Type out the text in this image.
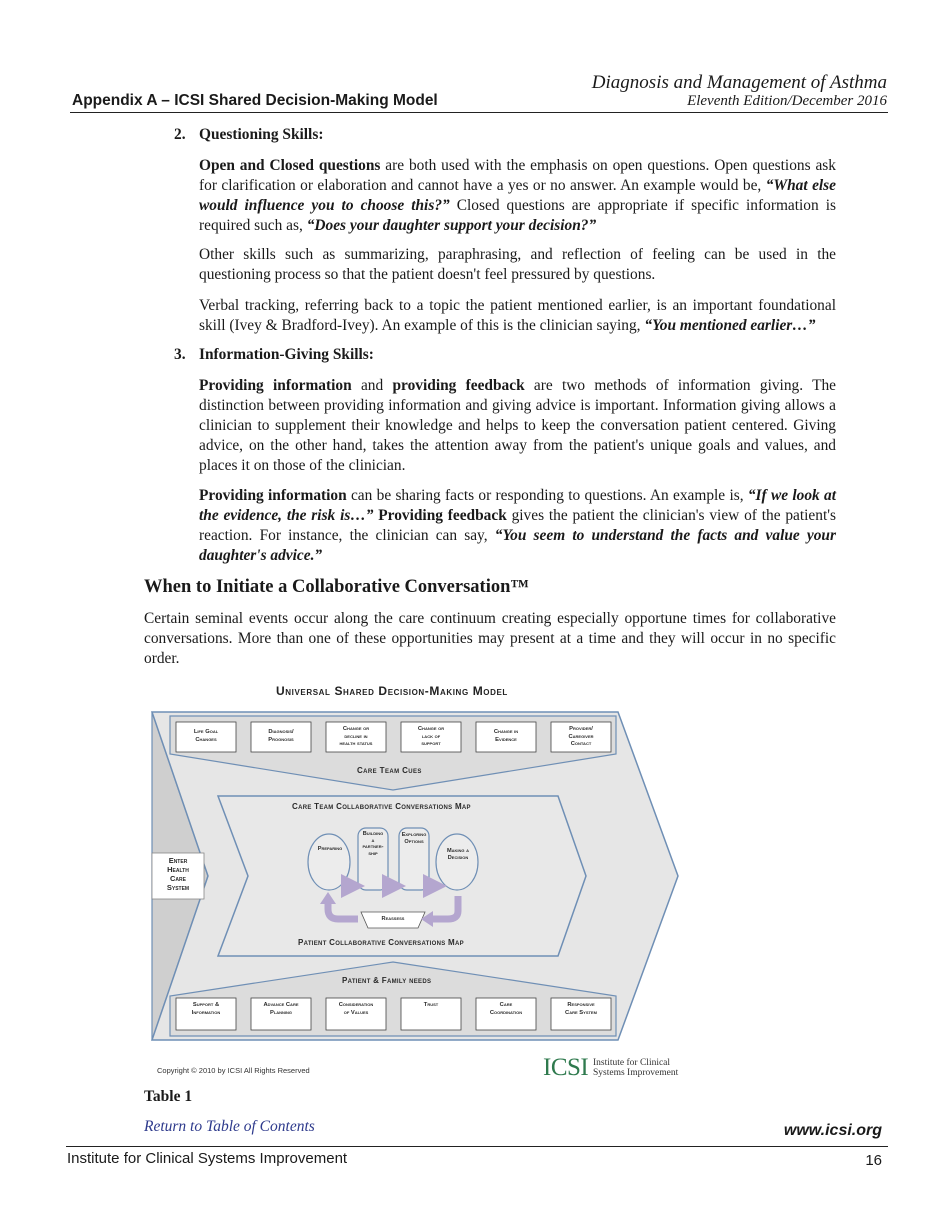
Diagnosis and Management of Asthma
Eleventh Edition/December 2016
Appendix A – ICSI Shared Decision-Making Model
2. Questioning Skills:
Open and Closed questions are both used with the emphasis on open questions. Open questions ask for clarification or elaboration and cannot have a yes or no answer. An example would be, “What else would influence you to choose this?” Closed questions are appropriate if specific information is required such as, “Does your daughter support your decision?”
Other skills such as summarizing, paraphrasing, and reflection of feeling can be used in the questioning process so that the patient doesn't feel pressured by questions.
Verbal tracking, referring back to a topic the patient mentioned earlier, is an important foundational skill (Ivey & Bradford-Ivey). An example of this is the clinician saying, “You mentioned earlier…”
3. Information-Giving Skills:
Providing information and providing feedback are two methods of information giving. The distinction between providing information and giving advice is important. Information giving allows a clinician to supplement their knowledge and helps to keep the conversation patient centered. Giving advice, on the other hand, takes the attention away from the patient's unique goals and values, and places it on those of the clinician.
Providing information can be sharing facts or responding to questions. An example is, “If we look at the evidence, the risk is…” Providing feedback gives the patient the clinician's view of the patient's reaction. For instance, the clinician can say, “You seem to understand the facts and value your daughter's advice.”
When to Initiate a Collaborative Conversation™
Certain seminal events occur along the care continuum creating especially opportune times for collaborative conversations. More than one of these opportunities may present at a time and they will occur in no specific order.
Universal Shared Decision-Making Model
Life Goal
Changes
Diagnosis/
Prognosis
Change or
decline in
health status
Change or
lack of
support
Change in
Evidence
Provider/
Caregiver
Contact
Support &
Information
Advance Care
Planning
Consideration
of Values
Trust	Care
Coordination
Responsive
Care System
Care Team Cues
Care Team Collaborative Conversations Map
Patient Collaborative Conversations Map
Patient & Family needs
Enter
Health
Care
System
Preparing
Building
a
partner-
ship
Exploring
Options
Making a
Decision
Reassess
Copyright © 2010 by ICSI All Rights Reserved	ICSI Institute for Clinical
Systems Improvement
Table 1
Return to Table of Contents	www.icsi.org
Institute for Clinical Systems Improvement	16
